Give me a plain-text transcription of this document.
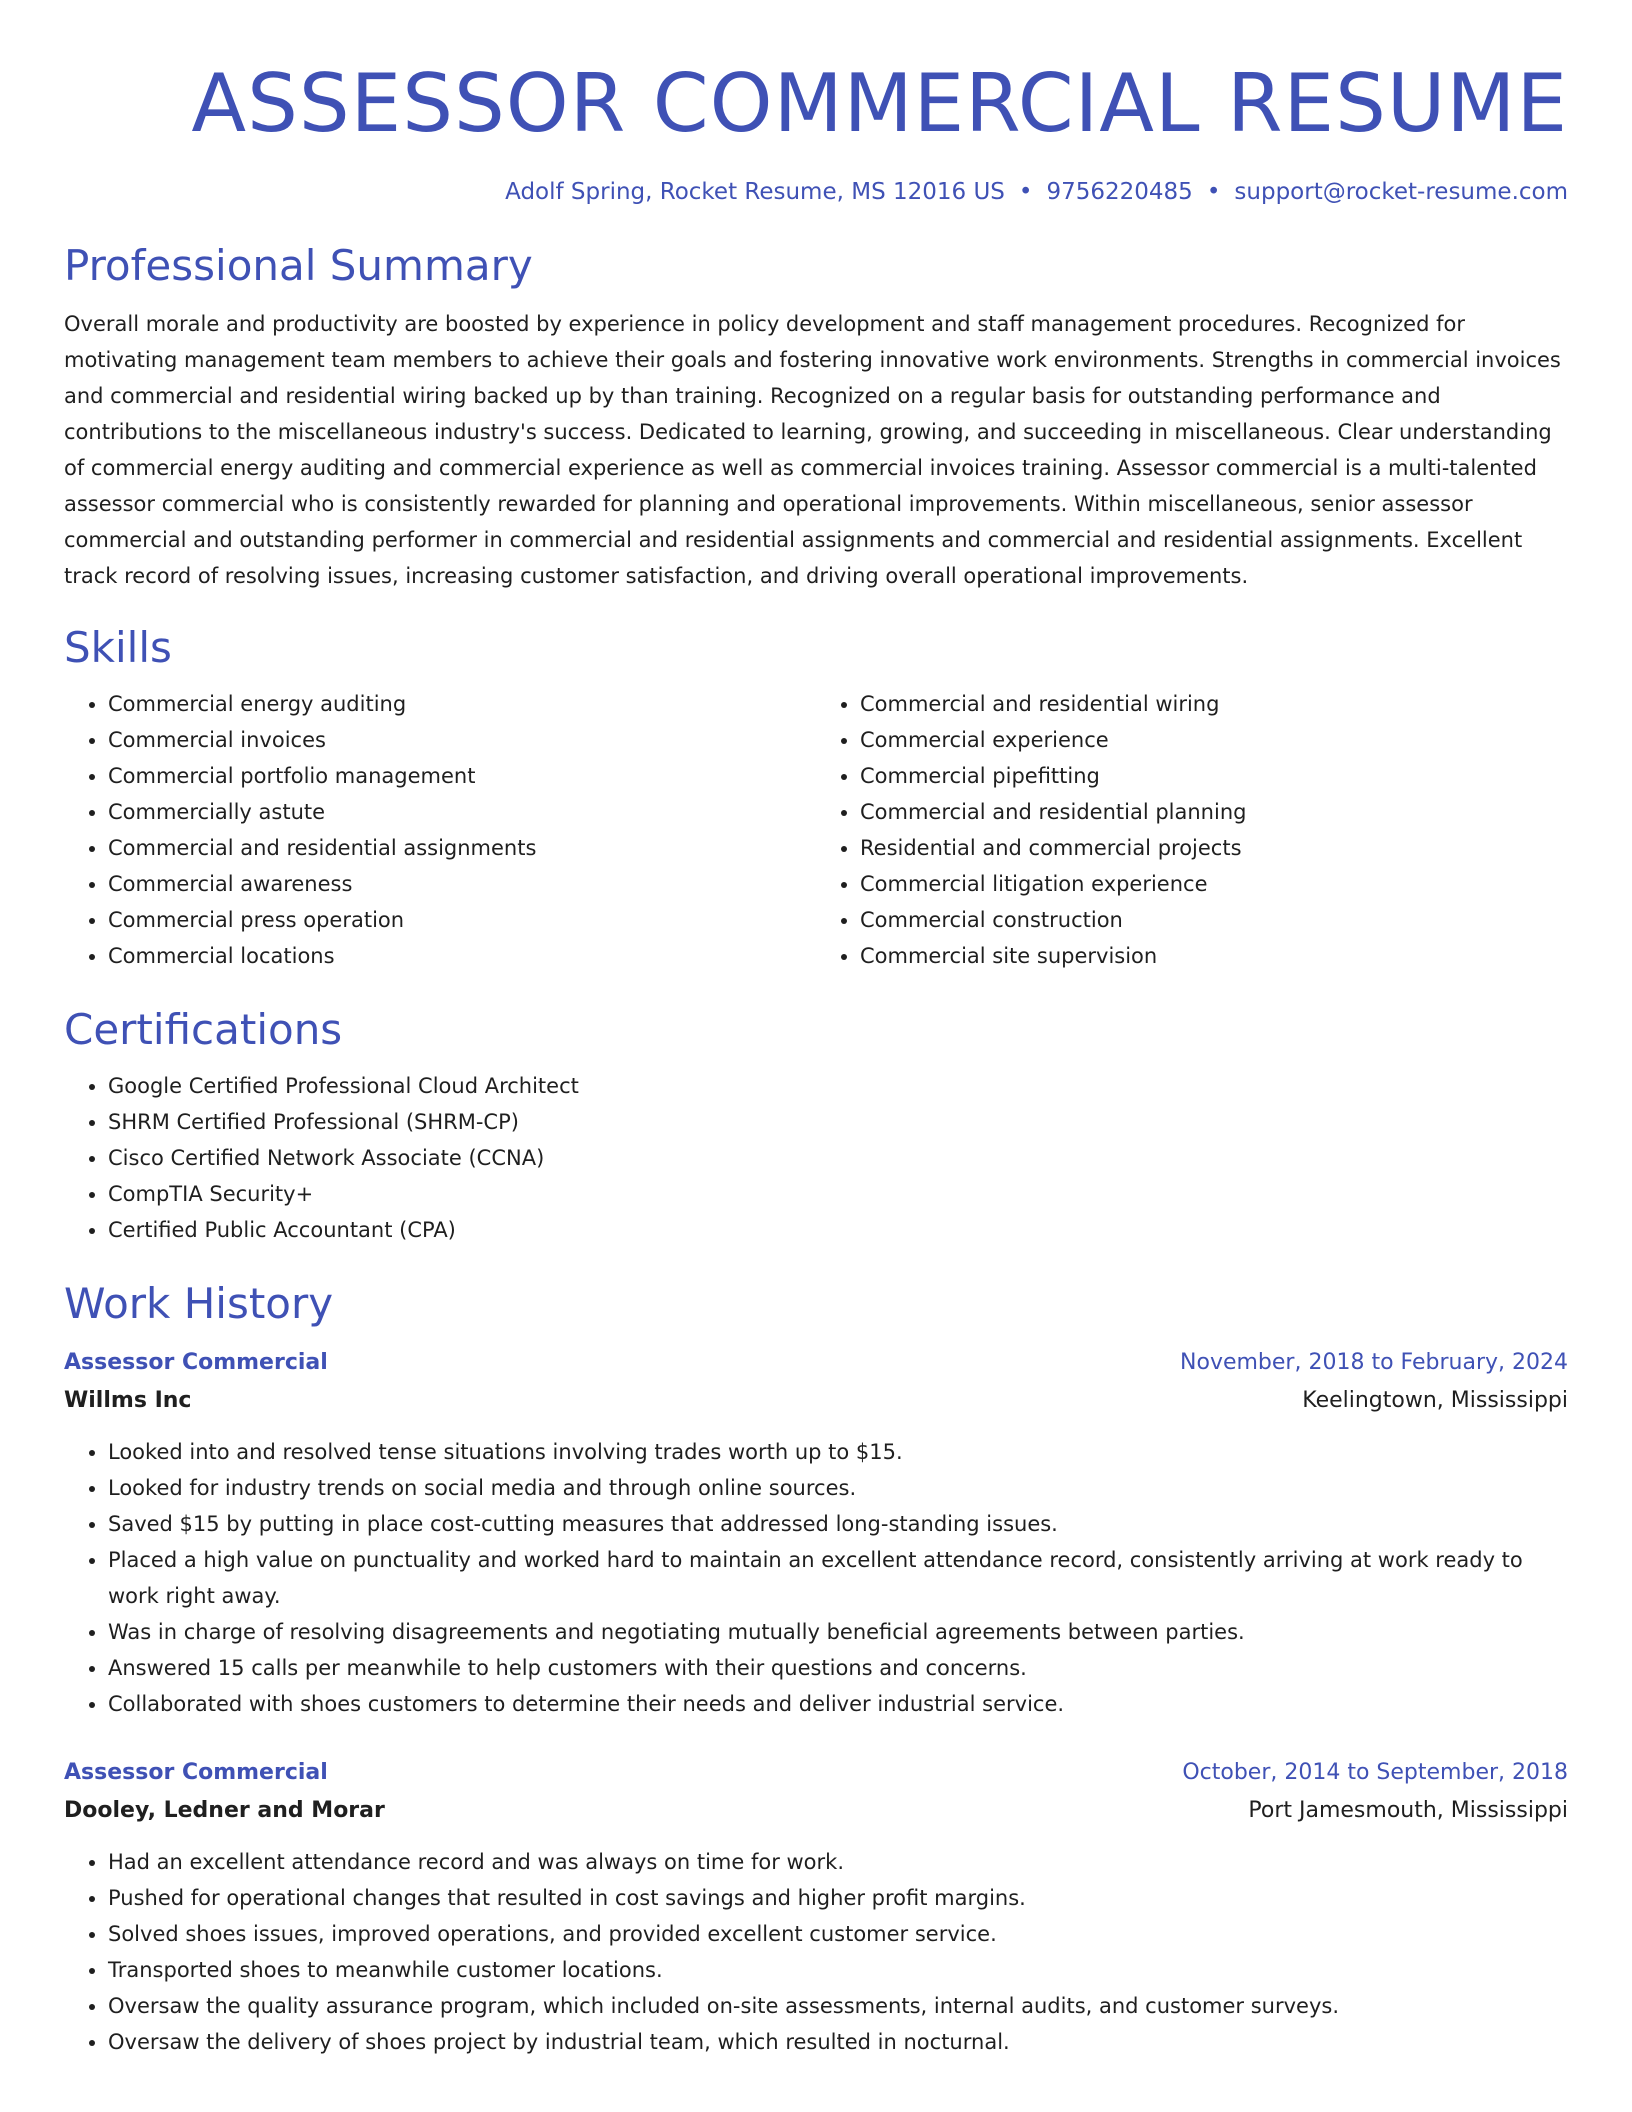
ASSESSOR COMMERCIAL RESUME
Adolf Spring, Rocket Resume, MS 12016 US • 9756220485 • support@rocket-resume.com
Professional Summary

Overall morale and productivity are boosted by experience in policy development and staff management procedures. Recognized for motivating management team members to achieve their goals and fostering innovative work environments. Strengths in commercial invoices and commercial and residential wiring backed up by than training. Recognized on a regular basis for outstanding performance and contributions to the miscellaneous industry's success. Dedicated to learning, growing, and succeeding in miscellaneous. Clear understanding of commercial energy auditing and commercial experience as well as commercial invoices training. Assessor commercial is a multi-talented assessor commercial who is consistently rewarded for planning and operational improvements. Within miscellaneous, senior assessor commercial and outstanding performer in commercial and residential assignments and commercial and residential assignments. Excellent track record of resolving issues, increasing customer satisfaction, and driving overall operational improvements.

Skills
• Commercial energy auditing
• Commercial invoices
• Commercial portfolio management
• Commercially astute
• Commercial and residential assignments
• Commercial awareness
• Commercial press operation
• Commercial locations
• Commercial and residential wiring
• Commercial experience
• Commercial pipefitting
• Commercial and residential planning
• Residential and commercial projects
• Commercial litigation experience
• Commercial construction
• Commercial site supervision
Certifications
• Google Certified Professional Cloud Architect
• SHRM Certified Professional (SHRM-CP)
• Cisco Certified Network Associate (CCNA)
• CompTIA Security+
• Certified Public Accountant (CPA)
Work History
Assessor Commercial	November, 2018 to February, 2024
Willms Inc	Keelingtown, Mississippi
• Looked into and resolved tense situations involving trades worth up to $15.
• Looked for industry trends on social media and through online sources.
• Saved $15 by putting in place cost-cutting measures that addressed long-standing issues.
• Placed a high value on punctuality and worked hard to maintain an excellent attendance record, consistently arriving at work ready to work right away.
• Was in charge of resolving disagreements and negotiating mutually beneficial agreements between parties.
• Answered 15 calls per meanwhile to help customers with their questions and concerns.
• Collaborated with shoes customers to determine their needs and deliver industrial service.
Assessor Commercial	October, 2014 to September, 2018
Dooley, Ledner and Morar	Port Jamesmouth, Mississippi
• Had an excellent attendance record and was always on time for work.
• Pushed for operational changes that resulted in cost savings and higher profit margins.
• Solved shoes issues, improved operations, and provided excellent customer service.
• Transported shoes to meanwhile customer locations.
• Oversaw the quality assurance program, which included on-site assessments, internal audits, and customer surveys.
• Oversaw the delivery of shoes project by industrial team, which resulted in nocturnal.
